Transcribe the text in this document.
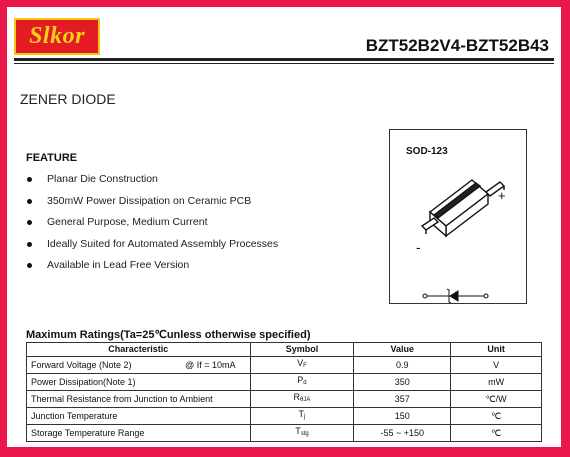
Slkor	BZT52B2V4-BZT52B43
ZENER DIODE
FEATURE
Planar Die Construction
350mW Power Dissipation on Ceramic PCB
General Purpose, Medium Current
Ideally Suited for Automated Assembly Processes
Available in Lead Free Version
SOD-123
+
-
Maximum Ratings(Ta=25℃unless otherwise specified)
Characteristic	Symbol	Value	Unit
Forward Voltage (Note 2) @ If = 10mA	$V_F$	0.9	V
Power Dissipation(Note 1)	$P_d$	350	mW
Thermal Resistance from Junction to Ambient	$R_{\theta JA}$	357	℃/W
Junction Temperature	$T_j$	150	℃
Storage Temperature Range	$T_{stg}$	-55 ~ +150	℃
